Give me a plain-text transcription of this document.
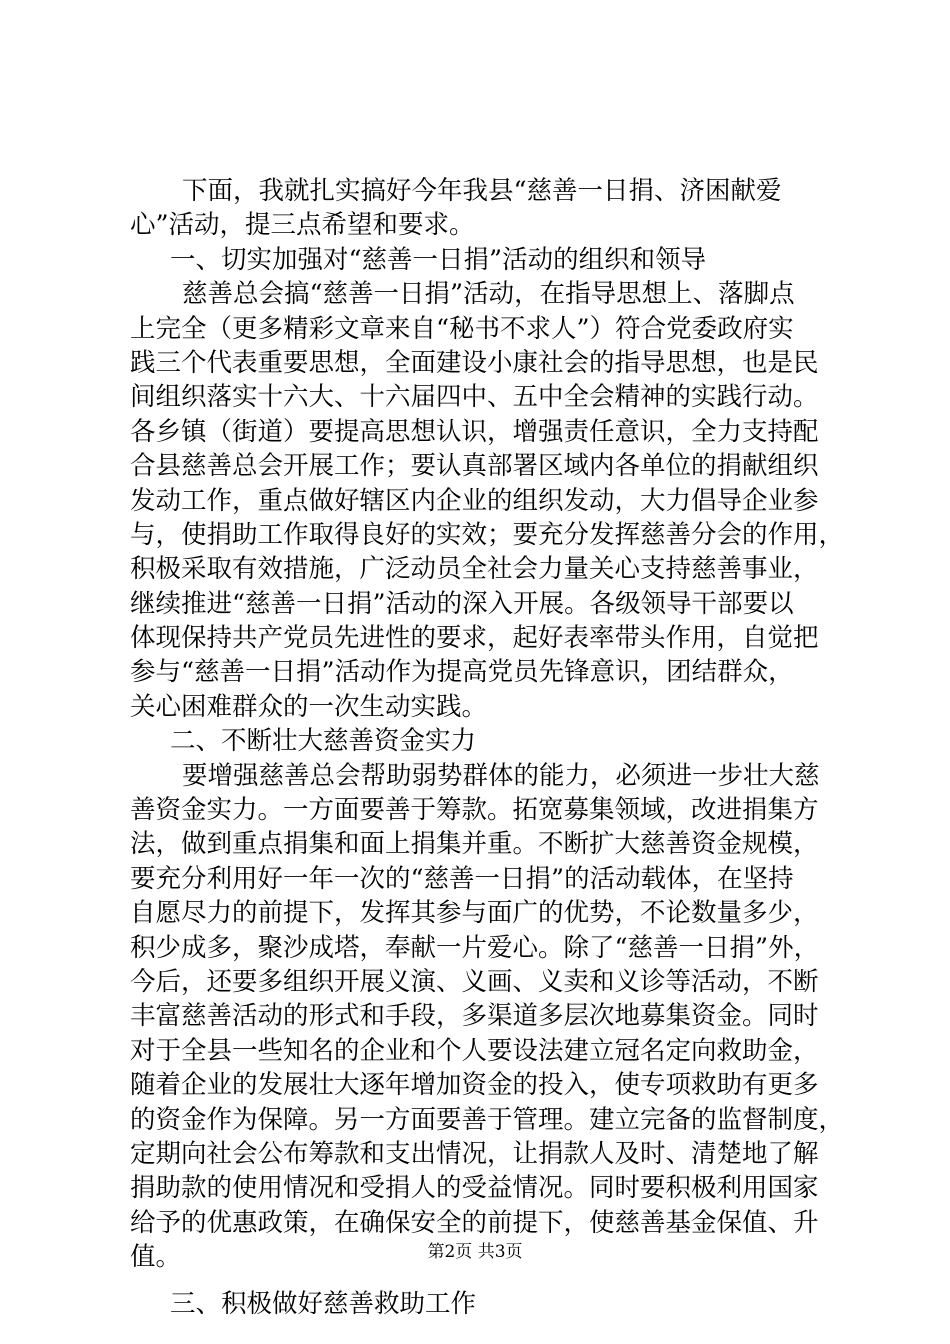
下面，我就扎实搞好今年我县“慈善一日捐、济困献爱
心”活动，提三点希望和要求。
一、切实加强对“慈善一日捐”活动的组织和领导
慈善总会搞“慈善一日捐”活动，在指导思想上、落脚点
上完全（更多精彩文章来自“秘书不求人”）符合党委政府实
践三个代表重要思想，全面建设小康社会的指导思想，也是民
间组织落实十六大、十六届四中、五中全会精神的实践行动。
各乡镇（街道）要提高思想认识，增强责任意识，全力支持配
合县慈善总会开展工作；要认真部署区域内各单位的捐献组织
发动工作，重点做好辖区内企业的组织发动，大力倡导企业参
与，使捐助工作取得良好的实效；要充分发挥慈善分会的作用，
积极采取有效措施，广泛动员全社会力量关心支持慈善事业，
继续推进“慈善一日捐”活动的深入开展。各级领导干部要以
体现保持共产党员先进性的要求，起好表率带头作用，自觉把
参与“慈善一日捐”活动作为提高党员先锋意识，团结群众，
关心困难群众的一次生动实践。
二、不断壮大慈善资金实力
要增强慈善总会帮助弱势群体的能力，必须进一步壮大慈
善资金实力。一方面要善于筹款。拓宽募集领域，改进捐集方
法，做到重点捐集和面上捐集并重。不断扩大慈善资金规模，
要充分利用好一年一次的“慈善一日捐”的活动载体，在坚持
自愿尽力的前提下，发挥其参与面广的优势，不论数量多少，
积少成多，聚沙成塔，奉献一片爱心。除了“慈善一日捐”外，
今后，还要多组织开展义演、义画、义卖和义诊等活动，不断
丰富慈善活动的形式和手段，多渠道多层次地募集资金。同时
对于全县一些知名的企业和个人要设法建立冠名定向救助金，
随着企业的发展壮大逐年增加资金的投入，使专项救助有更多
的资金作为保障。另一方面要善于管理。建立完备的监督制度，
定期向社会公布筹款和支出情况，让捐款人及时、清楚地了解
捐助款的使用情况和受捐人的受益情况。同时要积极利用国家
给予的优惠政策，在确保安全的前提下，使慈善基金保值、升
值。
三、积极做好慈善救助工作
第2页 共3页
